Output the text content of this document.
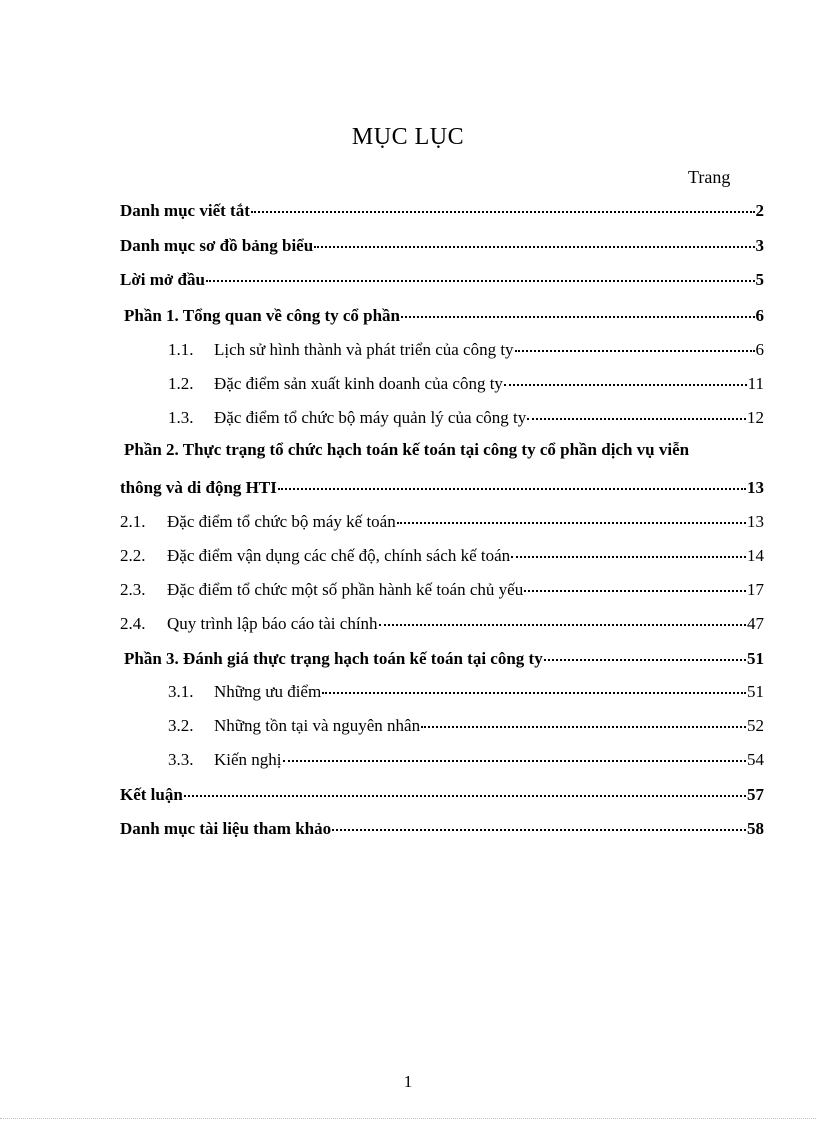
MỤC LỤC
Trang
Danh mục viết tắt	2
Danh mục sơ đồ bảng biểu	3
Lời mở đầu	5
Phần 1. Tổng quan về công ty cổ phần	6
1.1.	Lịch sử hình thành và phát triển của công ty	6
1.2.	Đặc điểm sản xuất kinh doanh của công ty	11
1.3.	Đặc điểm tổ chức bộ máy quản lý của công ty	12
Phần 2. Thực trạng tổ chức hạch toán kế toán tại công ty cổ phần dịch vụ viễn
thông và di động HTI	13
2.1.	Đặc điểm tổ chức bộ máy kế toán	13
2.2.	Đặc điểm vận dụng các chế độ, chính sách kế toán	14
2.3.	Đặc điểm tổ chức một số phần hành kế toán chủ yếu	17
2.4.	Quy trình lập báo cáo tài chính	47
Phần 3. Đánh giá thực trạng hạch toán kế toán tại công ty	51
3.1.	Những ưu điểm	51
3.2.	Những tồn tại và nguyên nhân	52
3.3.	Kiến nghị	54
Kết luận	57
Danh mục tài liệu tham khảo	58
1
